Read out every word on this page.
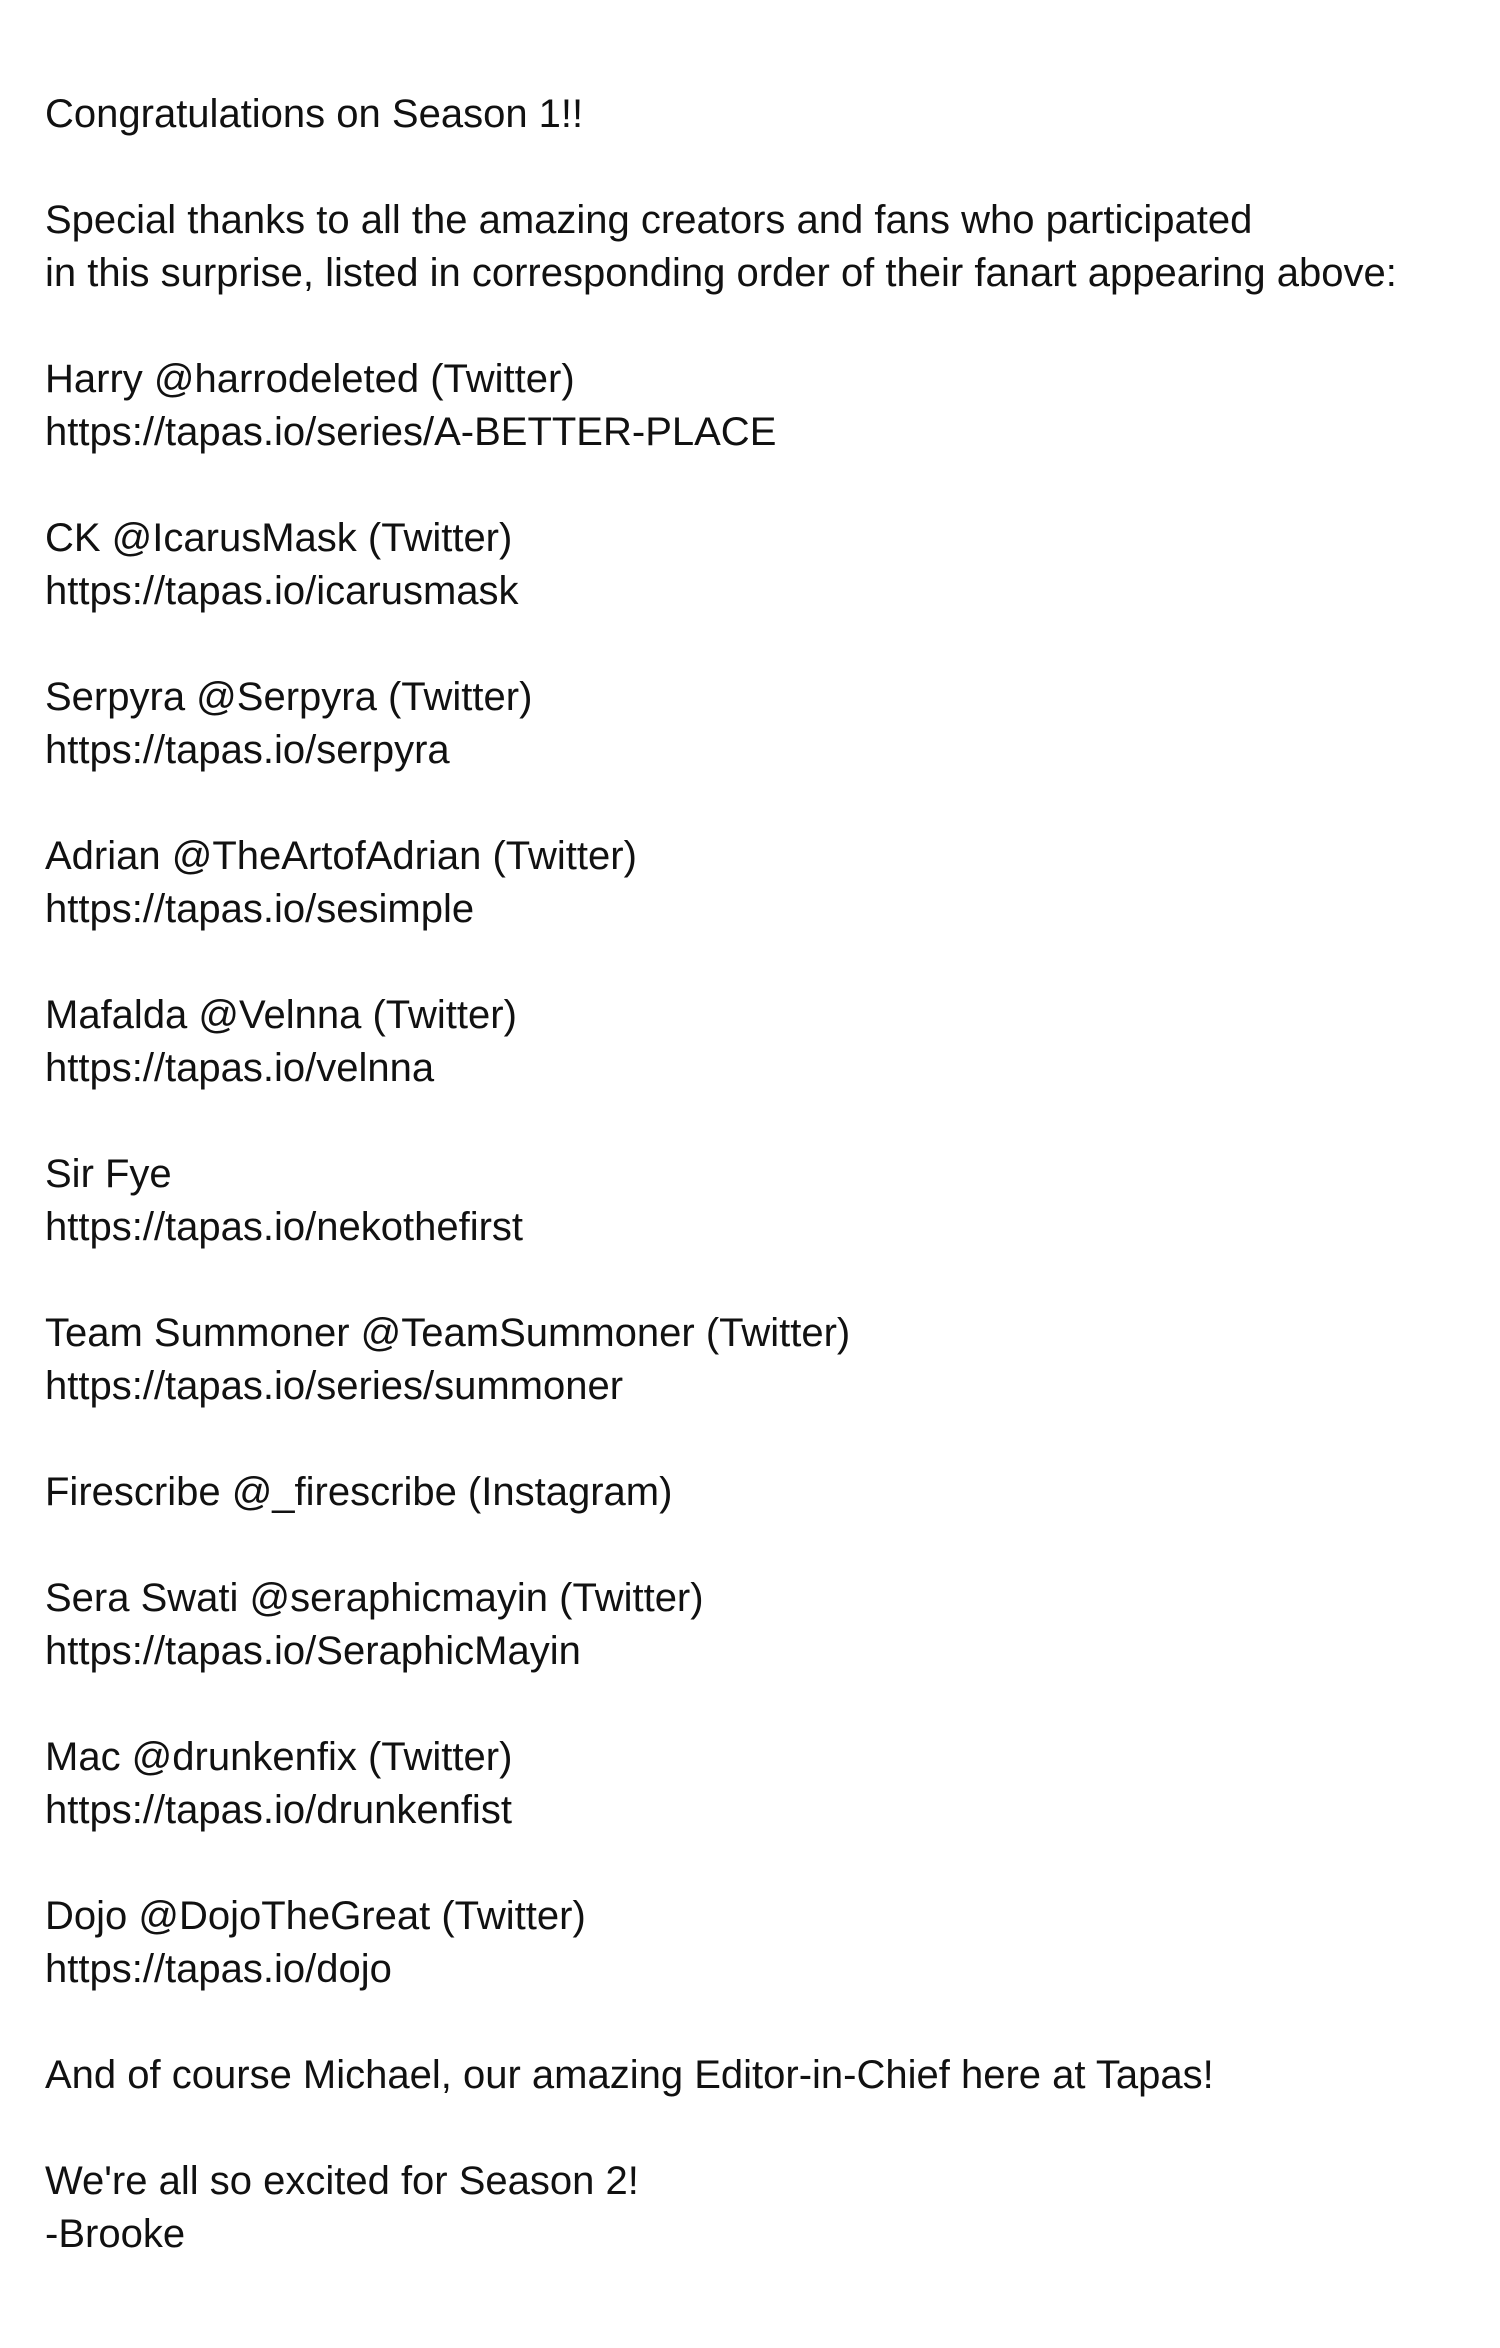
Congratulations on Season 1!!
Special thanks to all the amazing creators and fans who participated
in this surprise, listed in corresponding order of their fanart appearing above:
Harry @harrodeleted (Twitter)
https://tapas.io/series/A-BETTER-PLACE
CK @IcarusMask (Twitter)
https://tapas.io/icarusmask
Serpyra @Serpyra (Twitter)
https://tapas.io/serpyra
Adrian @TheArtofAdrian (Twitter)
https://tapas.io/sesimple
Mafalda @Velnna (Twitter)
https://tapas.io/velnna
Sir Fye
https://tapas.io/nekothefirst
Team Summoner @TeamSummoner (Twitter)
https://tapas.io/series/summoner
Firescribe @_firescribe (Instagram)
Sera Swati @seraphicmayin (Twitter)
https://tapas.io/SeraphicMayin
Mac @drunkenfix (Twitter)
https://tapas.io/drunkenfist
Dojo @DojoTheGreat (Twitter)
https://tapas.io/dojo
And of course Michael, our amazing Editor-in-Chief here at Tapas!
We're all so excited for Season 2!
-Brooke
